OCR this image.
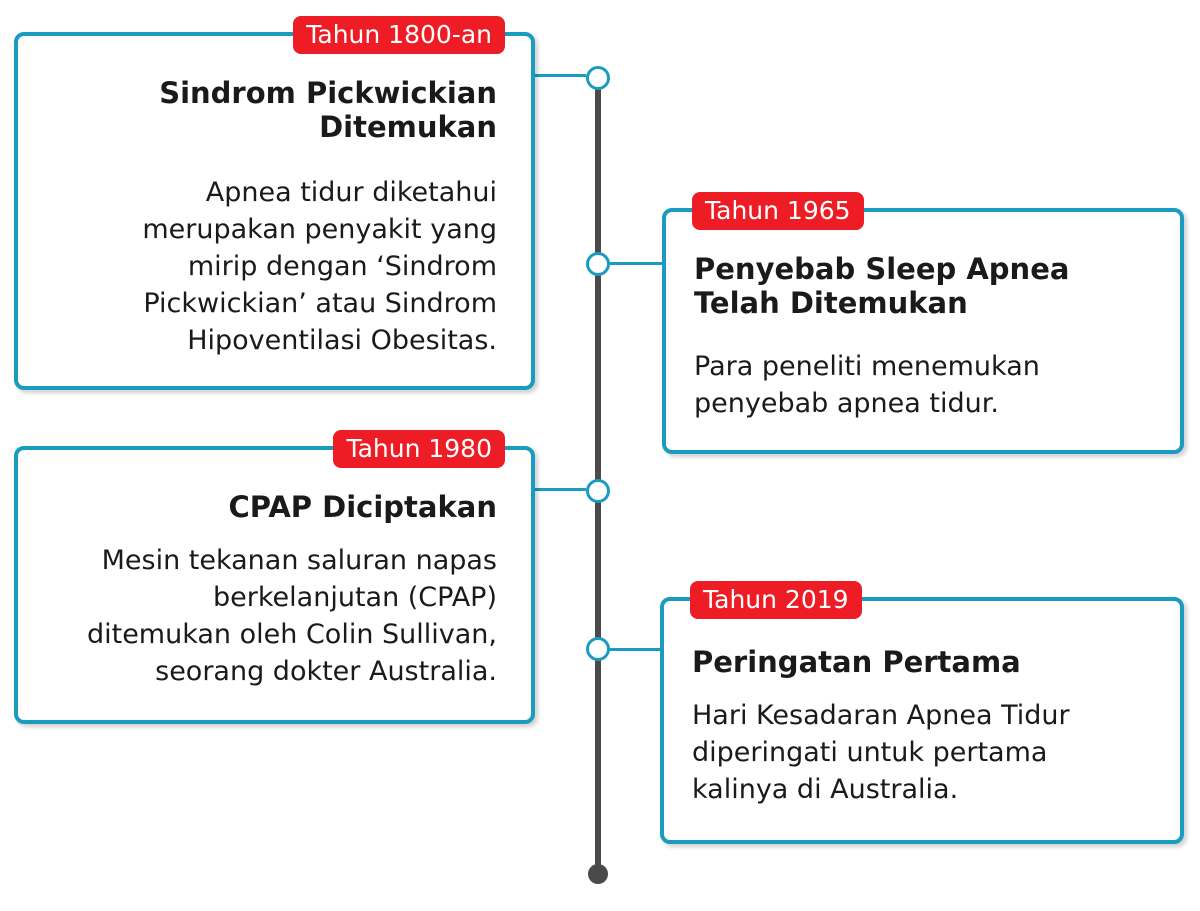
Tahun 1800-an
Sindrom Pickwickian
Ditemukan
Apnea tidur diketahui
merupakan penyakit yang
mirip dengan ‘Sindrom
Pickwickian’ atau Sindrom
Hipoventilasi Obesitas.
Tahun 1965
Penyebab Sleep Apnea
Telah Ditemukan
Para peneliti menemukan
penyebab apnea tidur.
Tahun 1980
CPAP Diciptakan
Mesin tekanan saluran napas
berkelanjutan (CPAP)
ditemukan oleh Colin Sullivan,
seorang dokter Australia.
Tahun 2019
Peringatan Pertama
Hari Kesadaran Apnea Tidur
diperingati untuk pertama
kalinya di Australia.
